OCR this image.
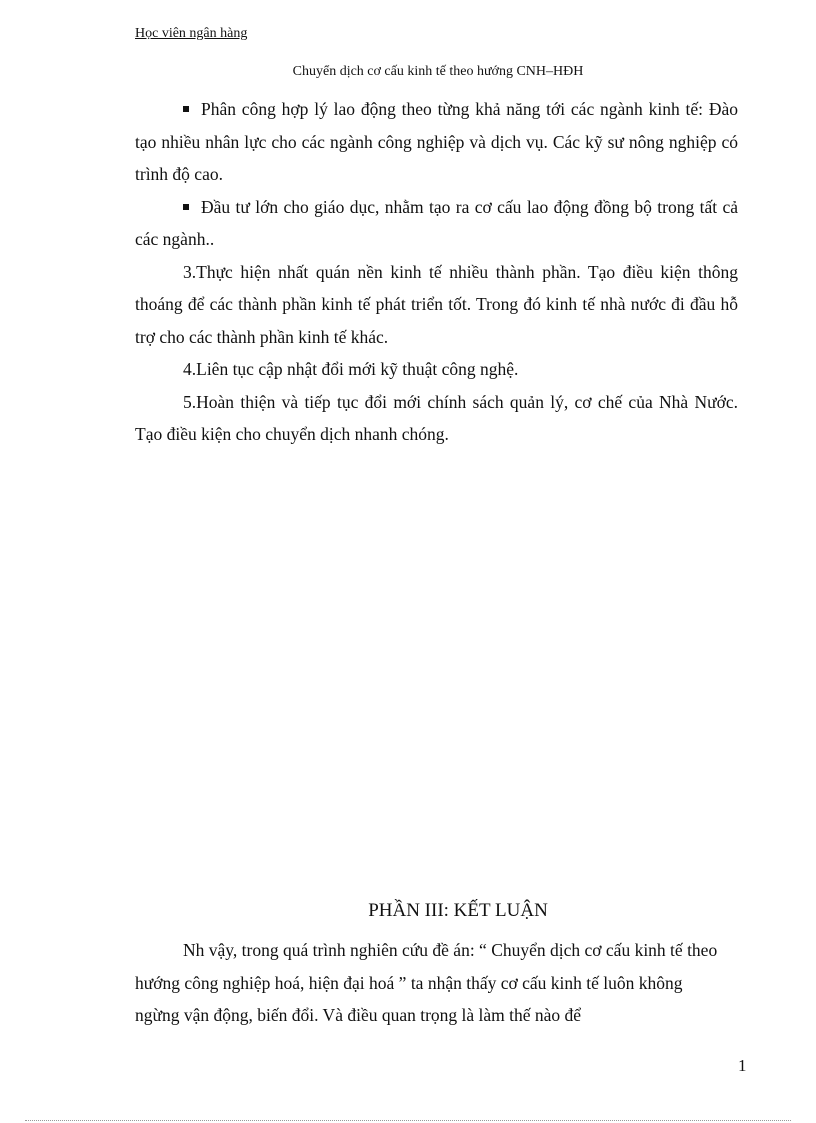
Học viên ngân hàng
Chuyển dịch cơ cấu kinh tế theo hướng CNH–HĐH

Phân công hợp lý lao động theo từng khả năng tới các ngành kinh tế: Đào tạo nhiều nhân lực cho các ngành công nghiệp và dịch vụ. Các kỹ sư nông nghiệp có trình độ cao.

Đầu tư lớn cho giáo dục, nhằm tạo ra cơ cấu lao động đồng bộ trong tất cả các ngành..

3.Thực hiện nhất quán nền kinh tế nhiều thành phần. Tạo điều kiện thông thoáng để các thành phần kinh tế phát triển tốt. Trong đó kinh tế nhà nước đi đầu hỗ trợ cho các thành phần kinh tế khác.

4.Liên tục cập nhật đổi mới kỹ thuật công nghệ.

5.Hoàn thiện và tiếp tục đổi mới chính sách quản lý, cơ chế của Nhà Nước. Tạo điều kiện cho chuyển dịch nhanh chóng.

PHẦN III: KẾT LUẬN

Nh vậy, trong quá trình nghiên cứu đề án: “ Chuyển dịch cơ cấu kinh tế theo hướng công nghiệp hoá, hiện đại hoá ” ta nhận thấy cơ cấu kinh tế luôn không ngừng vận động, biến đổi. Và điều quan trọng là làm thế nào để

1
